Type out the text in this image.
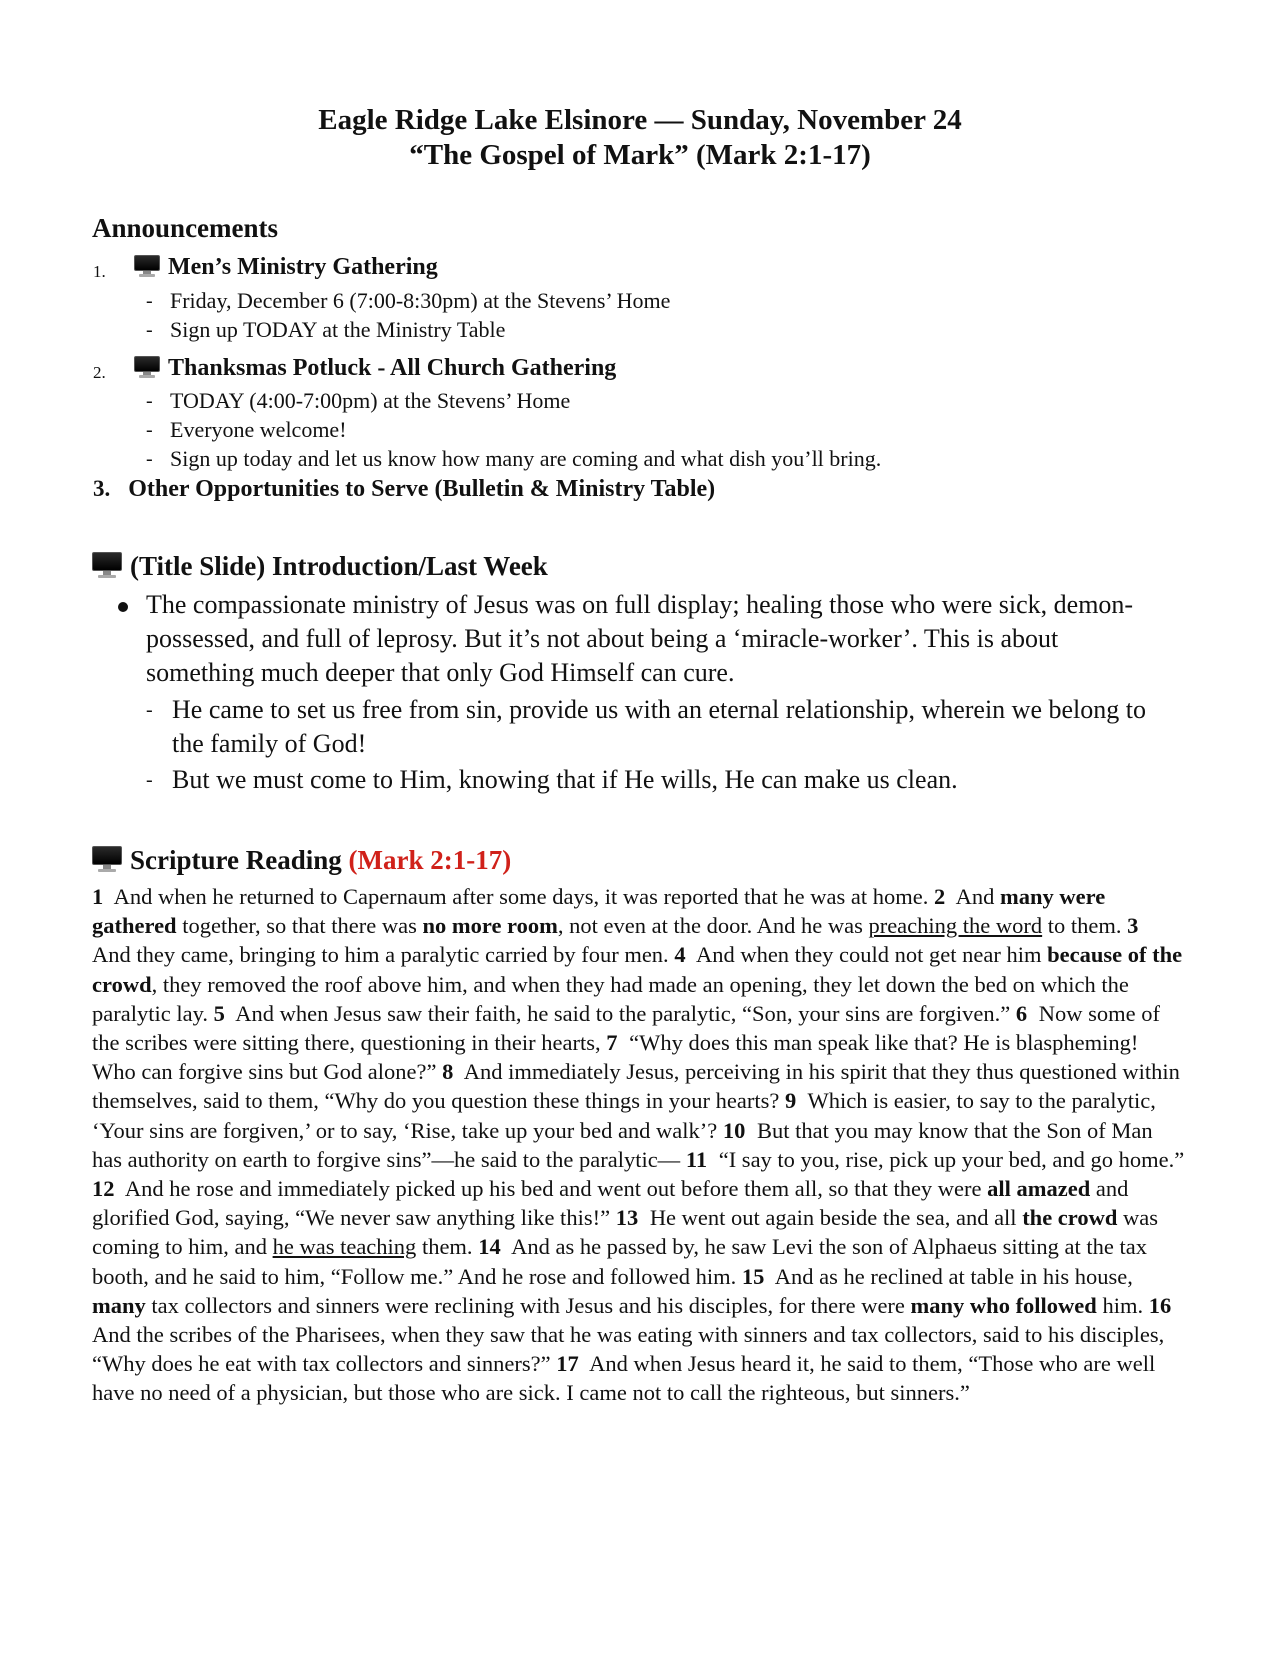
Eagle Ridge Lake Elsinore — Sunday, November 24
“The Gospel of Mark” (Mark 2:1-17)
Announcements
1.	Men’s Ministry Gathering
- Friday, December 6 (7:00-8:30pm) at the Stevens’ Home
- Sign up TODAY at the Ministry Table
2.	Thanksmas Potluck - All Church Gathering
- TODAY (4:00-7:00pm) at the Stevens’ Home
- Everyone welcome!
- Sign up today and let us know how many are coming and what dish you’ll bring.
3. Other Opportunities to Serve (Bulletin & Ministry Table)
(Title Slide) Introduction/Last Week
The compassionate ministry of Jesus was on full display; healing those who were sick, demon-possessed, and full of leprosy. But it’s not about being a ‘miracle-worker’. This is about something much deeper that only God Himself can cure.
- He came to set us free from sin, provide us with an eternal relationship, wherein we belong to the family of God!
- But we must come to Him, knowing that if He wills, He can make us clean.
Scripture Reading (Mark 2:1-17)
1 And when he returned to Capernaum after some days, it was reported that he was at home. 2 And many were gathered together, so that there was no more room, not even at the door. And he was preaching the word to them. 3 And they came, bringing to him a paralytic carried by four men. 4 And when they could not get near him because of the crowd, they removed the roof above him, and when they had made an opening, they let down the bed on which the paralytic lay. 5 And when Jesus saw their faith, he said to the paralytic, “Son, your sins are forgiven.” 6 Now some of the scribes were sitting there, questioning in their hearts, 7 “Why does this man speak like that? He is blaspheming! Who can forgive sins but God alone?” 8 And immediately Jesus, perceiving in his spirit that they thus questioned within themselves, said to them, “Why do you question these things in your hearts? 9 Which is easier, to say to the paralytic, ‘Your sins are forgiven,’ or to say, ‘Rise, take up your bed and walk’? 10 But that you may know that the Son of Man has authority on earth to forgive sins”—he said to the paralytic— 11 “I say to you, rise, pick up your bed, and go home.” 12 And he rose and immediately picked up his bed and went out before them all, so that they were all amazed and glorified God, saying, “We never saw anything like this!” 13 He went out again beside the sea, and all the crowd was coming to him, and he was teaching them. 14 And as he passed by, he saw Levi the son of Alphaeus sitting at the tax booth, and he said to him, “Follow me.” And he rose and followed him. 15 And as he reclined at table in his house, many tax collectors and sinners were reclining with Jesus and his disciples, for there were many who followed him. 16 And the scribes of the Pharisees, when they saw that he was eating with sinners and tax collectors, said to his disciples, “Why does he eat with tax collectors and sinners?” 17 And when Jesus heard it, he said to them, “Those who are well have no need of a physician, but those who are sick. I came not to call the righteous, but sinners.”
